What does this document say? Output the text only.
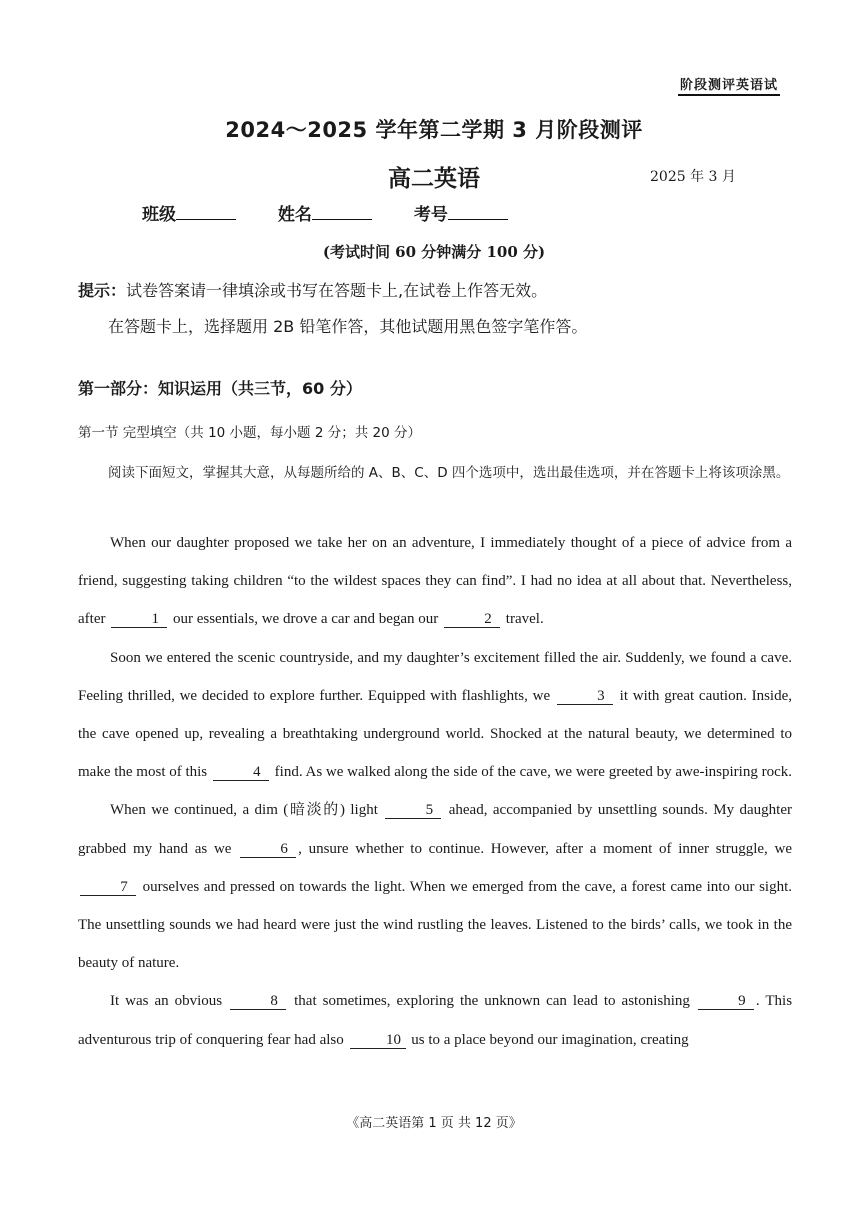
阶段测评英语试
2024～2025 学年第二学期 3 月阶段测评
高二英语	2025 年 3 月
班级	姓名	考号
(考试时间 60 分钟满分 100 分)
提示：试卷答案请一律填涂或书写在答题卡上,在试卷上作答无效。
在答题卡上，选择题用 2B 铅笔作答，其他试题用黑色签字笔作答。
第一部分：知识运用（共三节，60 分）
第一节 完型填空（共 10 小题，每小题 2 分；共 20 分）
阅读下面短文，掌握其大意，从每题所给的 A、B、C、D 四个选项中，选出最佳选项，并在答题卡上将该项涂黑。

When our daughter proposed we take her on an adventure, I immediately thought of a piece of advice from a friend, suggesting taking children “to the wildest spaces they can find”. I had no idea at all about that. Nevertheless, after	1 our essentials, we drove a car and began our	2 travel.

Soon we entered the scenic countryside, and my daughter’s excitement filled the air. Suddenly, we found a cave. Feeling thrilled, we decided to explore further. Equipped with flashlights, we	3 it with great caution. Inside, the cave opened up, revealing a breathtaking underground world. Shocked at the natural beauty, we determined to make the most of this	4 find. As we walked along the side of the cave, we were greeted by awe-inspiring rock.

When we continued, a dim (暗淡的) light	5 ahead, accompanied by unsettling sounds. My daughter grabbed my hand as we	6 , unsure whether to continue. However, after a moment of inner struggle, we 7 ourselves and pressed on towards the light. When we emerged from the cave, a forest came into our sight. The unsettling sounds we had heard were just the wind rustling the leaves. Listened to the birds’ calls, we took in the beauty of nature.

It was an obvious	8 that sometimes, exploring the unknown can lead to astonishing	9 . This adventurous trip of conquering fear had also	10 us to a place beyond our imagination, creating

《高二英语第 1 页 共 12 页》
